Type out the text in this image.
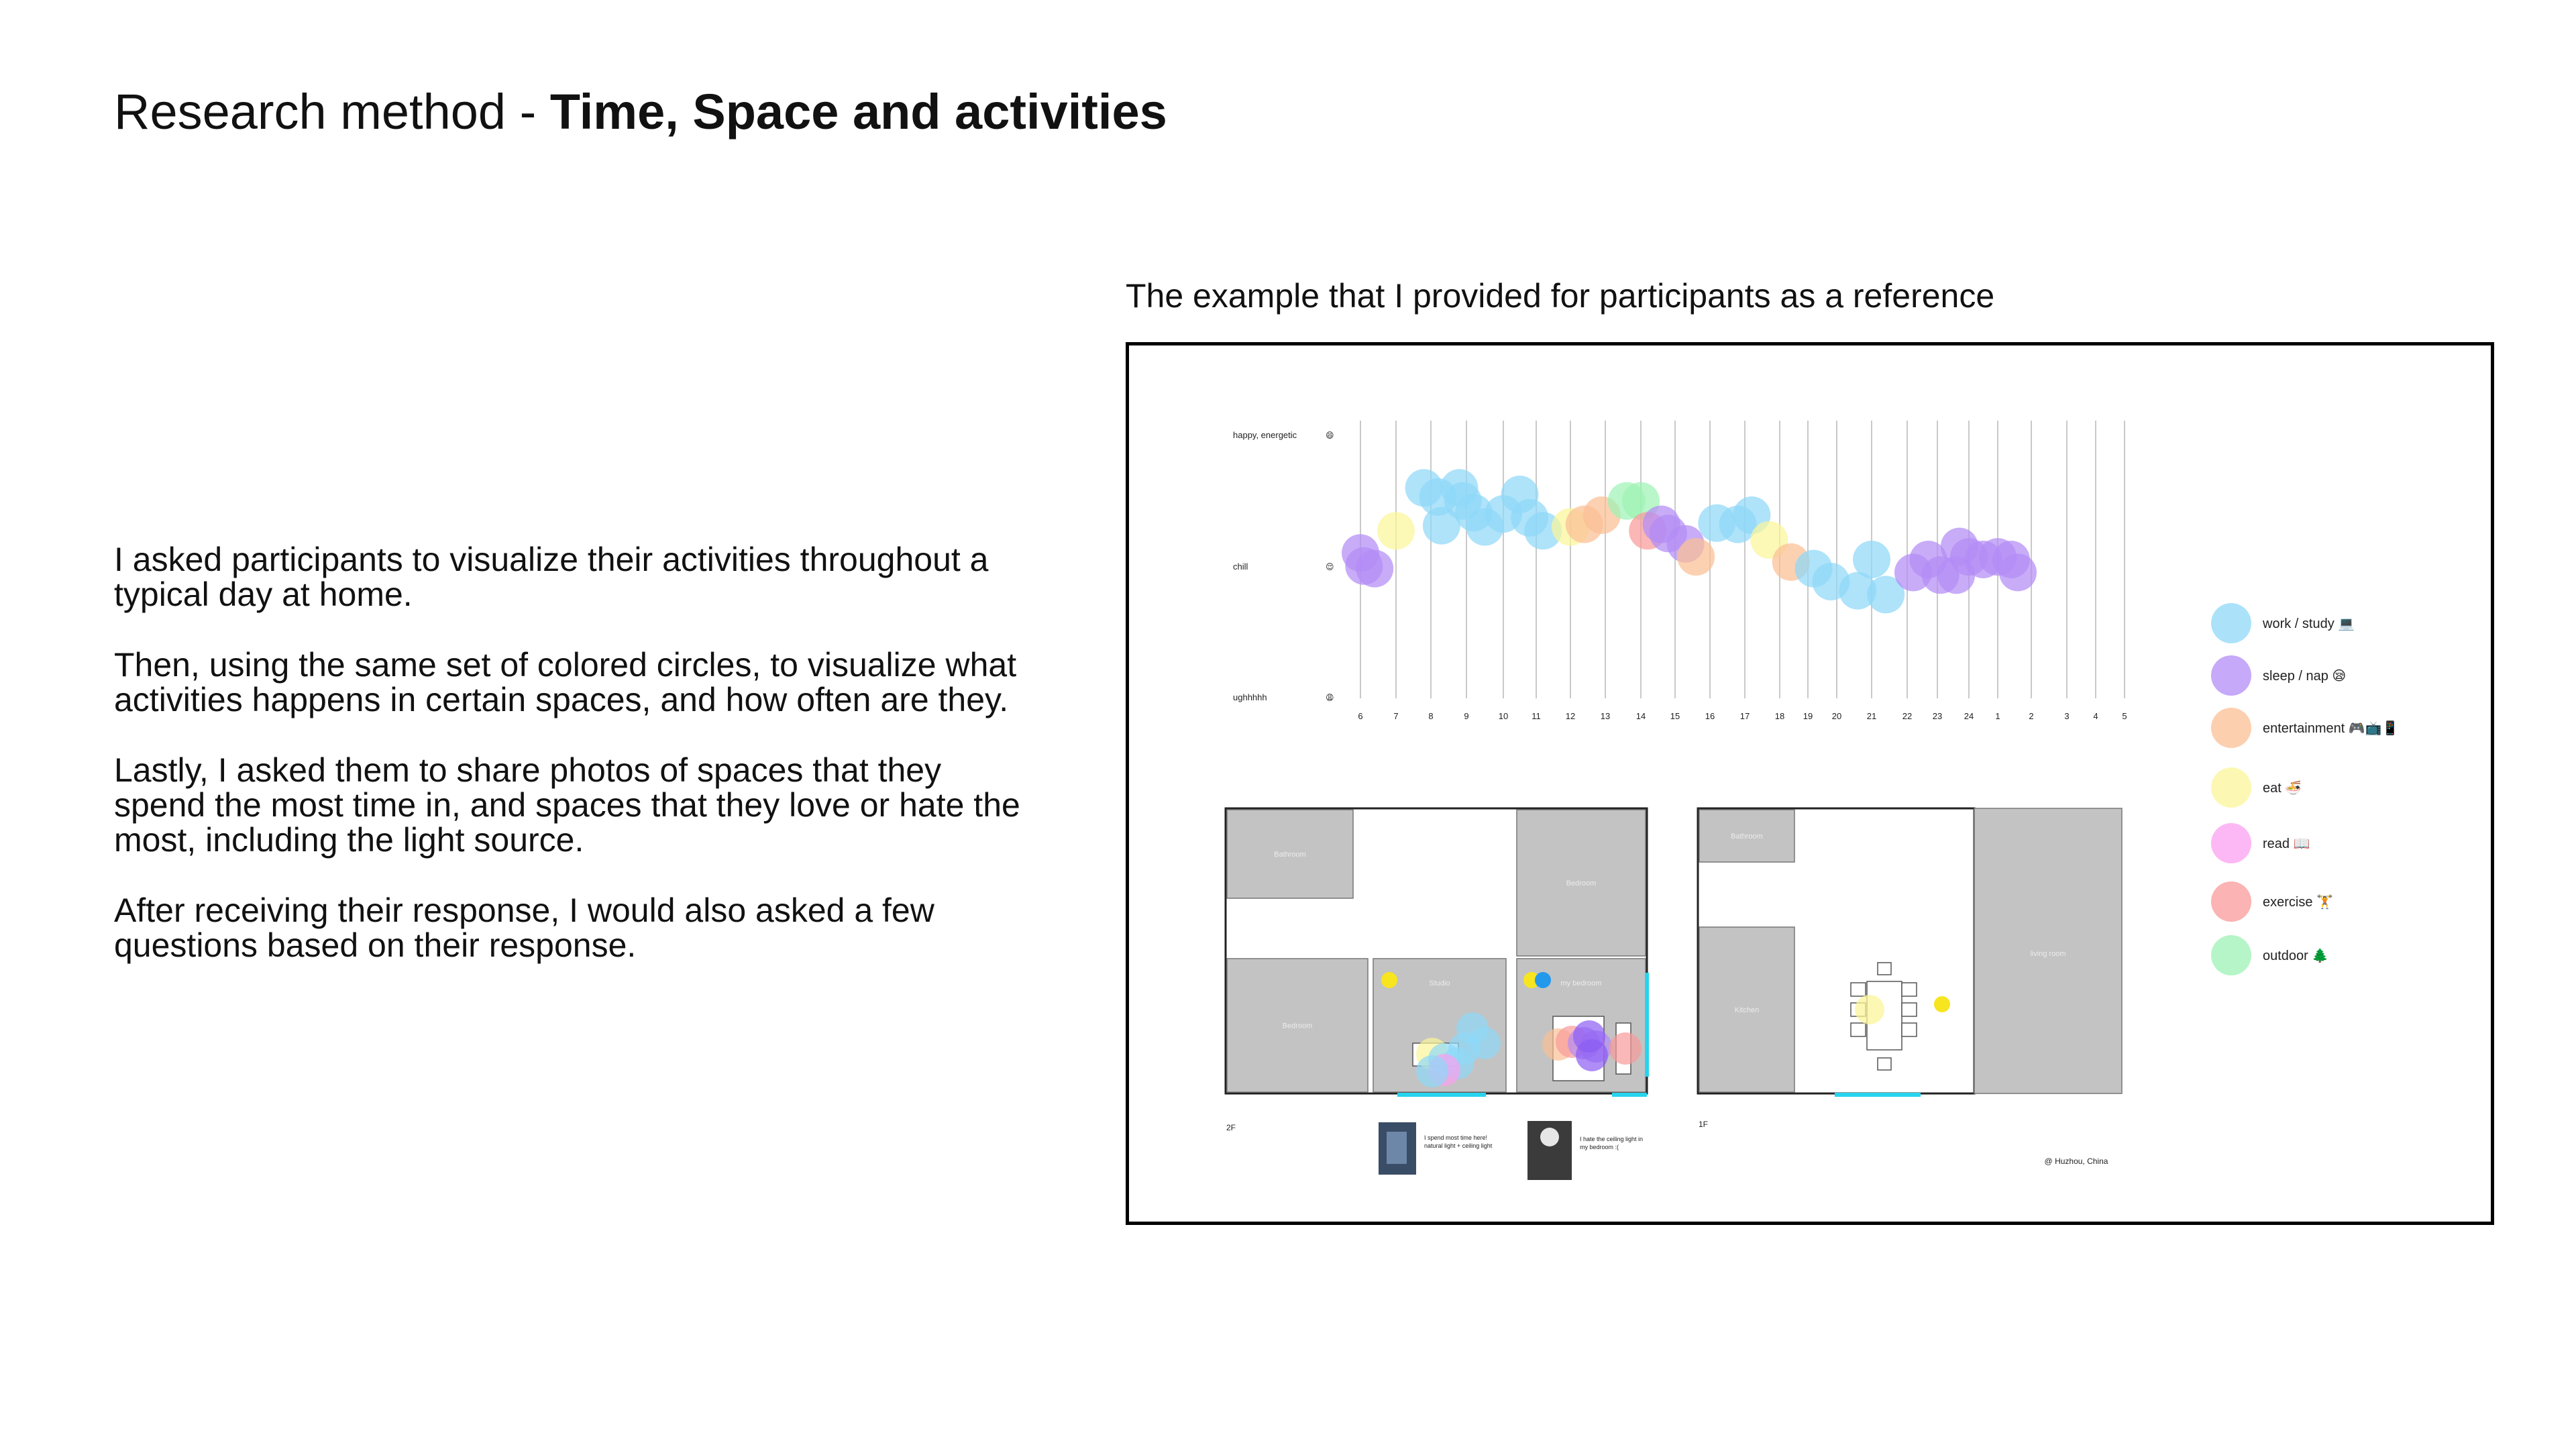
Research method - Time, Space and activities

I asked participants to visualize their activities throughout a typical day at home.

Then, using the same set of colored circles, to visualize what activities happens in certain spaces, and how often are they.

Lastly, I asked them to share photos of spaces that they spend the most time in, and spaces that they love or hate the most, including the light source.

After receiving their response, I would also asked a few questions based on their response.

The example that I provided for participants as a reference
happy, energetic	😄
chill	😌
ughhhhh	😩
6	7	8	9	10	11	12	13	14	15	16	17	18 19 20	21	22 23	24 1	2	3	4	5
work / study 💻
sleep / nap 😪
entertainment 🎮📺📱
eat 🍜
read 📖
exercise 🏋
outdoor 🌲
Bathroom
Bedroom
Bedroom
Studio	my bedroom
2F
I spend most time here!
natural light + ceiling light
I hate the ceiling light in
my bedroom :(
Bathroom
Kitchen
living room
1F
@ Huzhou, China
